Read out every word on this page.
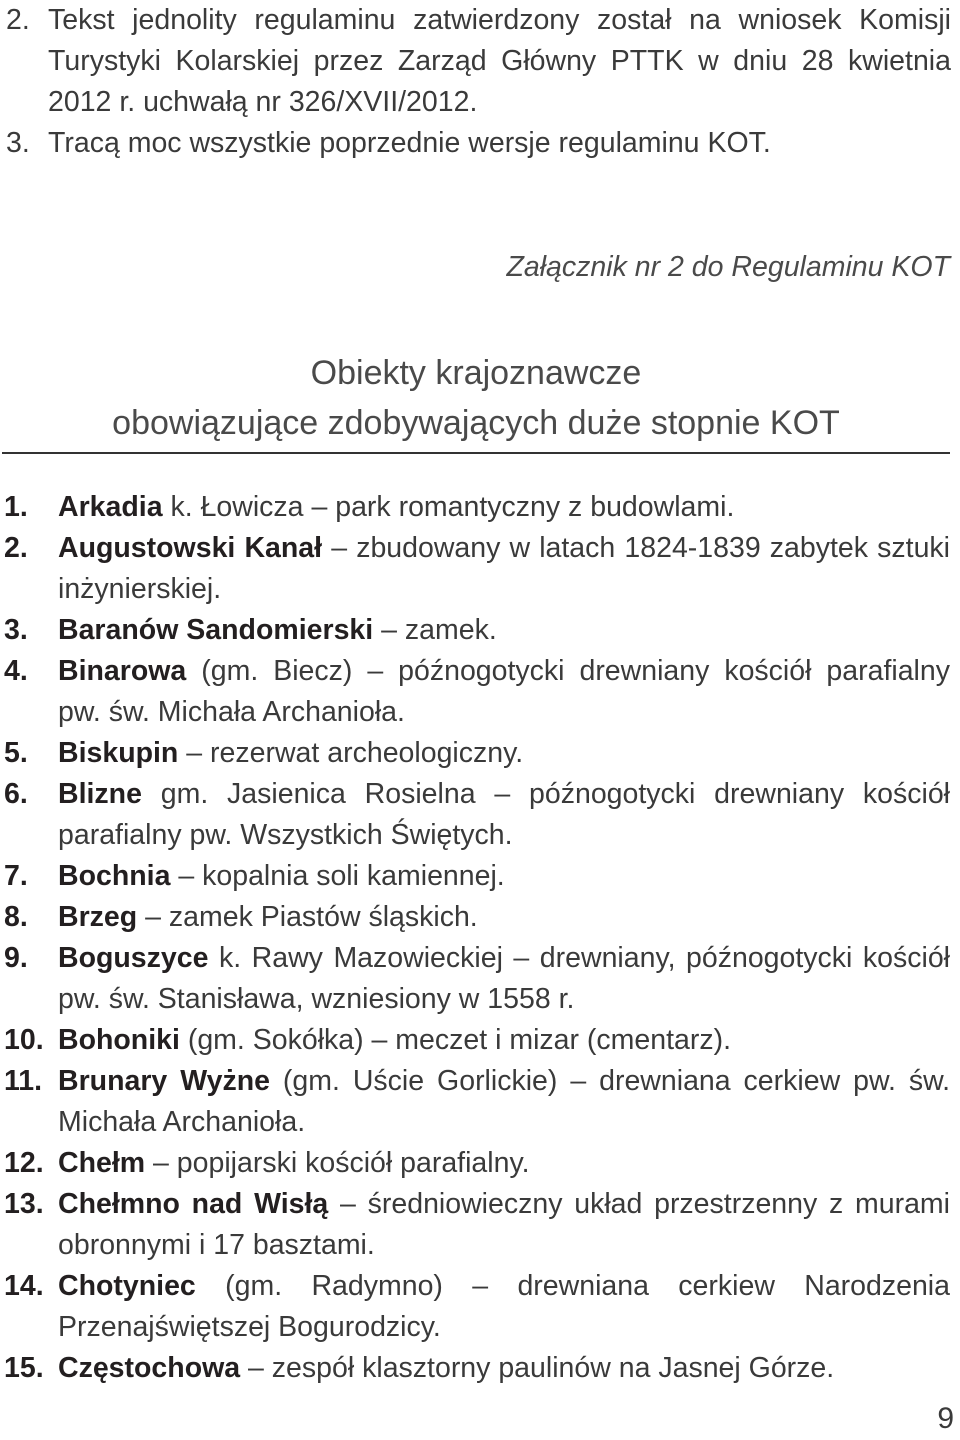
2. Tekst jednolity regulaminu zatwierdzony został na wniosek Komisji Turystyki Kolarskiej przez Zarząd Główny PTTK w dniu 28 kwietnia 2012 r. uchwałą nr 326/XVII/2012.
3. Tracą moc wszystkie poprzednie wersje regulaminu KOT.
Załącznik nr 2 do Regulaminu KOT
Obiekty krajoznawcze
obowiązujące zdobywających duże stopnie KOT
1.	Arkadia k. Łowicza – park romantyczny z budowlami.
2.	Augustowski Kanał – zbudowany w latach 1824-1839 zabytek sztuki inżynierskiej.
3.	Baranów Sandomierski – zamek.
4.	Binarowa (gm. Biecz) – późnogotycki drewniany kościół parafialny pw. św. Michała Archanioła.
5.	Biskupin – rezerwat archeologiczny.
6.	Blizne gm. Jasienica Rosielna – późnogotycki drewniany kościół parafialny pw. Wszystkich Świętych.
7.	Bochnia – kopalnia soli kamiennej.
8.	Brzeg – zamek Piastów śląskich.
9.	Boguszyce k. Rawy Mazowieckiej – drewniany, późnogotycki kościół pw. św. Stanisława, wzniesiony w 1558 r.
10. Bohoniki (gm. Sokółka) – meczet i mizar (cmentarz).
11. Brunary Wyżne (gm. Uście Gorlickie) – drewniana cerkiew pw. św. Michała Archanioła.
12. Chełm – popijarski kościół parafialny.
13. Chełmno nad Wisłą – średniowieczny układ przestrzenny z murami obronnymi i 17 basztami.
14. Chotyniec (gm. Radymno) – drewniana cerkiew Narodzenia Przenajświętszej Bogurodzicy.
15. Częstochowa – zespół klasztorny paulinów na Jasnej Górze.
9
